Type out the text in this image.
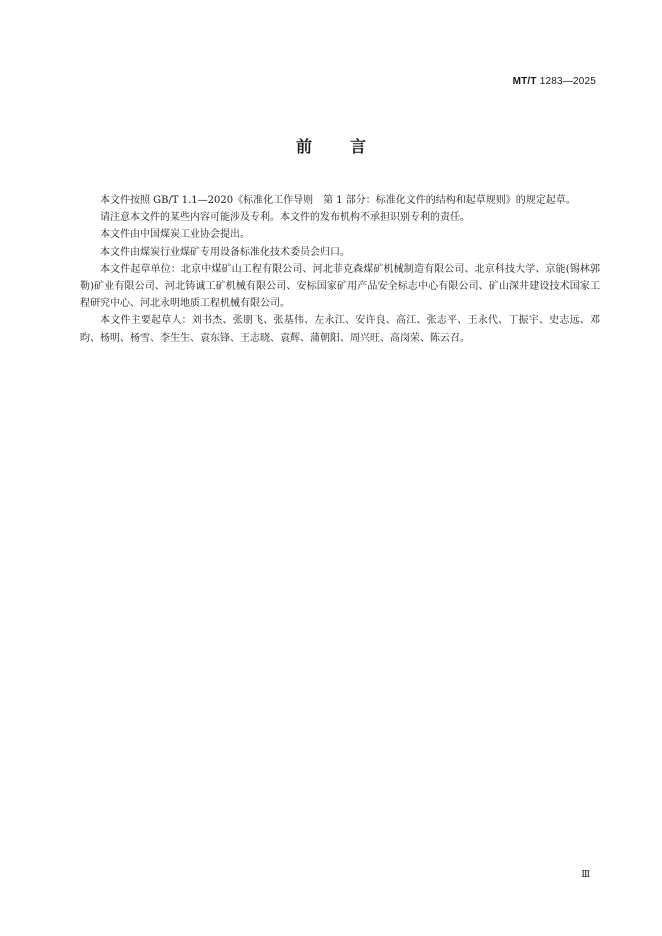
MT/T 1283—2025
前言

本文件按照 GB/T 1.1—2020《标准化工作导则　第 1 部分：标准化文件的结构和起草规则》的规定起草。

请注意本文件的某些内容可能涉及专利。本文件的发布机构不承担识别专利的责任。

本文件由中国煤炭工业协会提出。

本文件由煤炭行业煤矿专用设备标准化技术委员会归口。

本文件起草单位：北京中煤矿山工程有限公司、河北菲克森煤矿机械制造有限公司、北京科技大学、京能(锡林郭勒)矿业有限公司、河北铸诚工矿机械有限公司、安标国家矿用产品安全标志中心有限公司、矿山深井建设技术国家工程研究中心、河北永明地质工程机械有限公司。

本文件主要起草人：刘书杰、张朋飞、张基伟、左永江、安许良、高江、张志平、王永代、丁振宇、史志远、邓昀、杨明、杨雪、李生生、袁东锋、王志晓、袁辉、蒲朝阳、周兴旺、高岗荣、陈云召。

Ⅲ
